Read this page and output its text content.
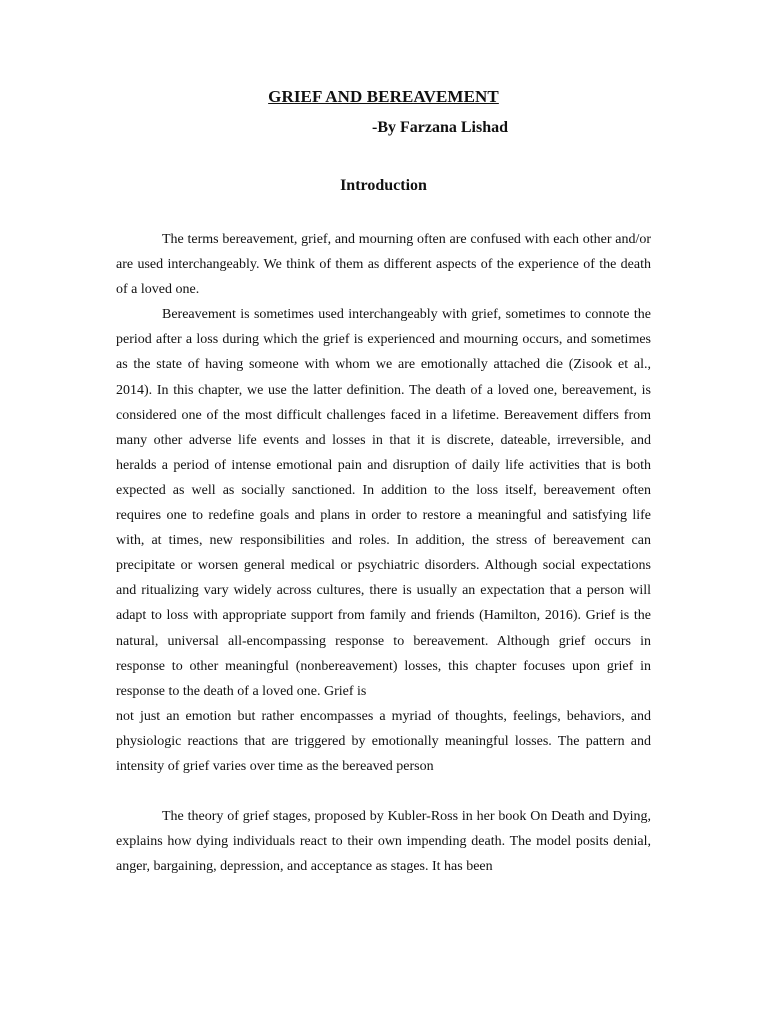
GRIEF AND BEREAVEMENT
-By Farzana Lishad
Introduction

The terms bereavement, grief, and mourning often are confused with each other and/or are used interchangeably. We think of them as different aspects of the experience of the death of a loved one.

Bereavement is sometimes used interchangeably with grief, sometimes to connote the period after a loss during which the grief is experienced and mourning occurs, and sometimes as the state of having someone with whom we are emotionally attached die (Zisook et al., 2014). In this chapter, we use the latter definition. The death of a loved one, bereavement, is considered one of the most difficult challenges faced in a lifetime. Bereavement differs from many other adverse life events and losses in that it is discrete, dateable, irreversible, and heralds a period of intense emotional pain and disruption of daily life activities that is both expected as well as socially sanctioned. In addition to the loss itself, bereavement often requires one to redefine goals and plans in order to restore a meaningful and satisfying life with, at times, new responsibilities and roles. In addition, the stress of bereavement can precipitate or worsen general medical or psychiatric disorders. Although social expectations and ritualizing vary widely across cultures, there is usually an expectation that a person will adapt to loss with appropriate support from family and friends (Hamilton, 2016). Grief is the natural, universal all-encompassing response to bereavement. Although grief occurs in response to other meaningful (nonbereavement) losses, this chapter focuses upon grief in response to the death of a loved one. Grief is

not just an emotion but rather encompasses a myriad of thoughts, feelings, behaviors, and physiologic reactions that are triggered by emotionally meaningful losses. The pattern and intensity of grief varies over time as the bereaved person

The theory of grief stages, proposed by Kubler-Ross in her book On Death and Dying, explains how dying individuals react to their own impending death. The model posits denial, anger, bargaining, depression, and acceptance as stages. It has been
